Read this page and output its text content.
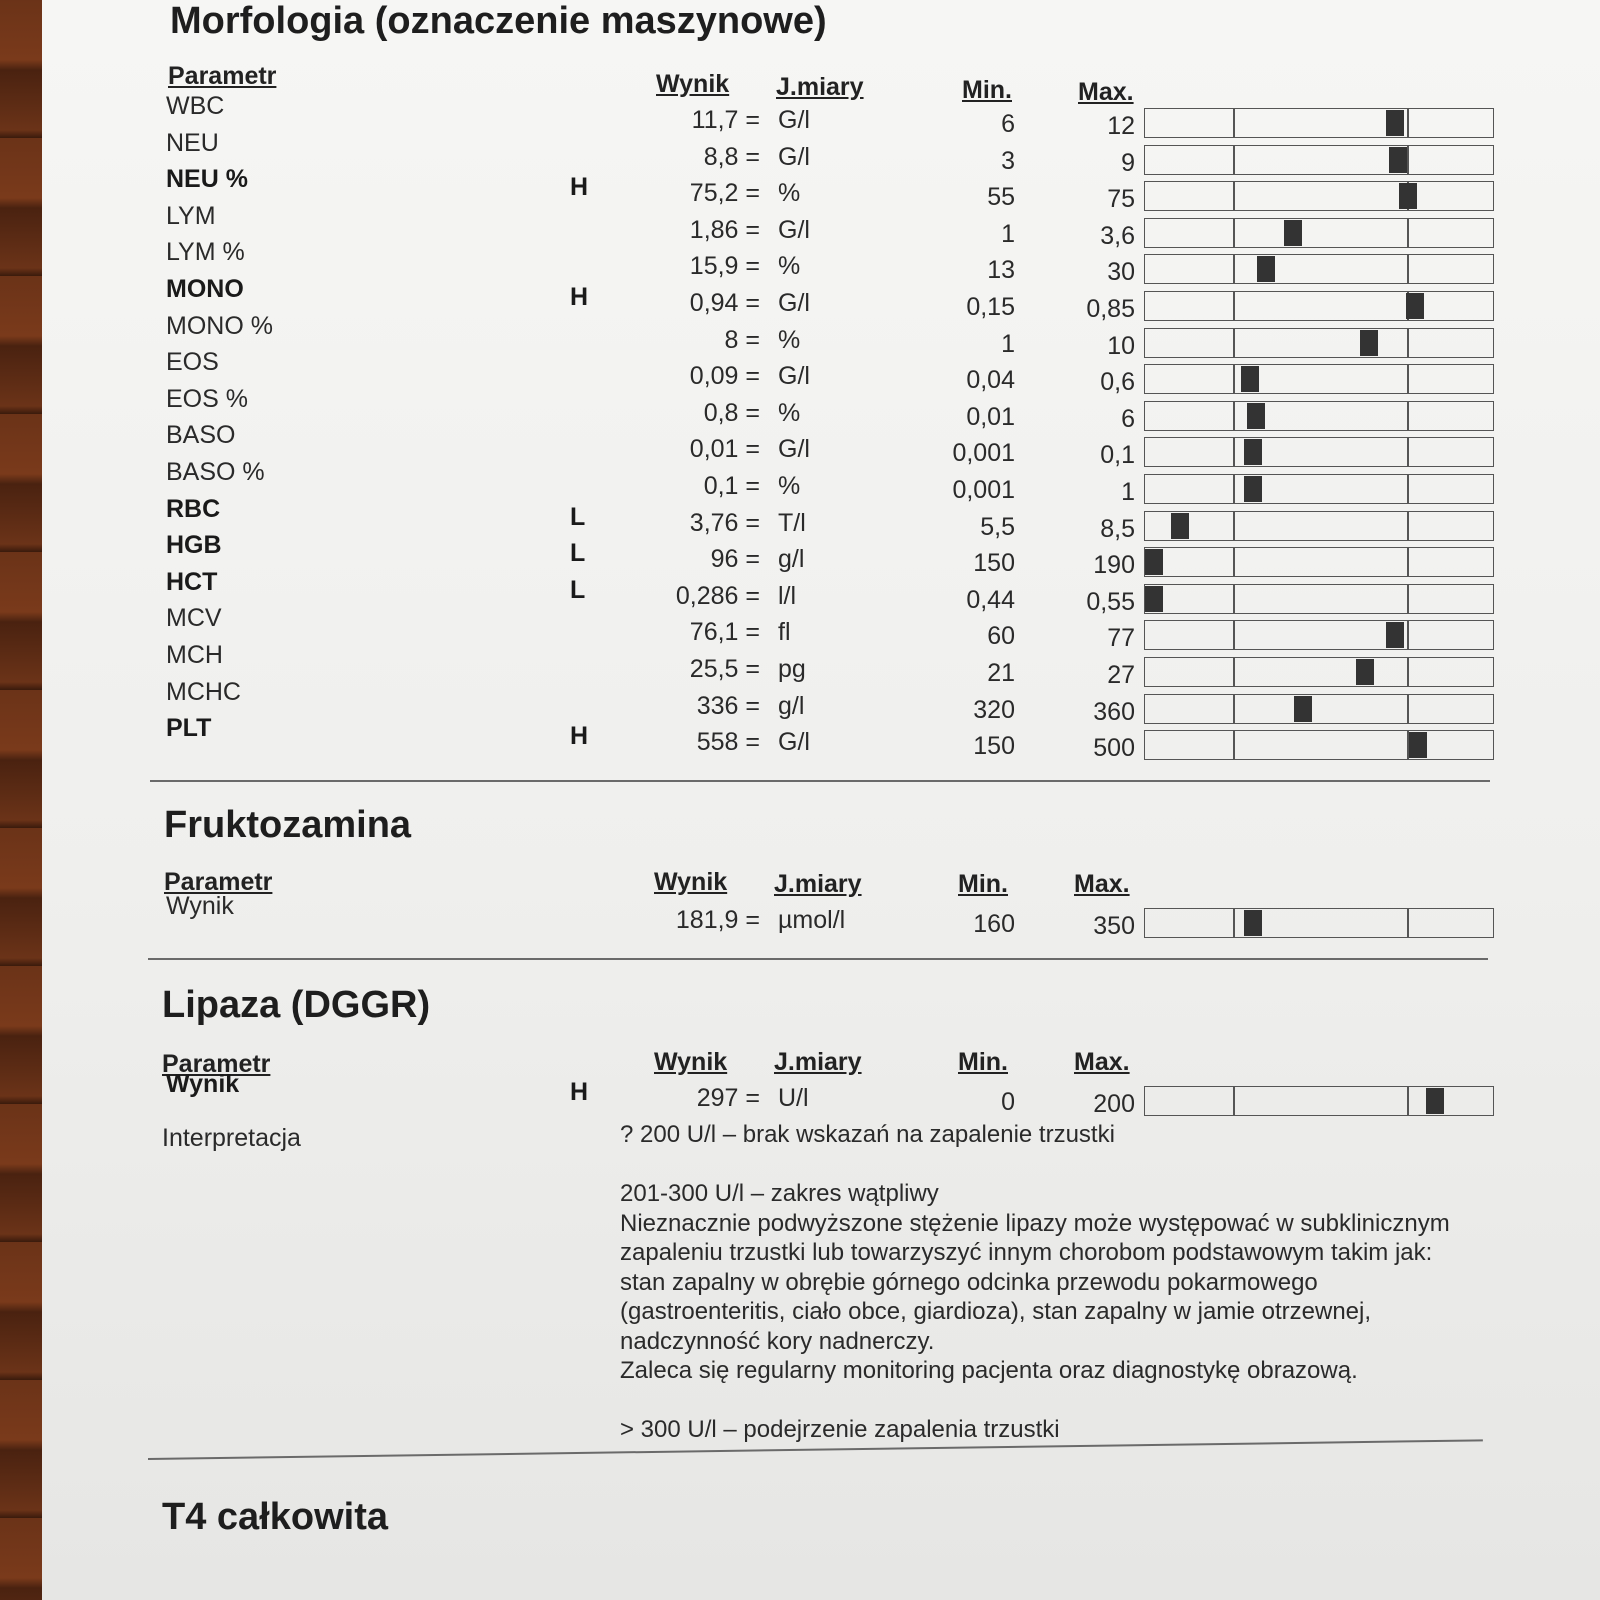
Morfologia (oznaczenie maszynowe)
Parametr	Wynik J.miary	Min.	Max.
WBC	11,7 = G/l	6	12
NEU	8,8 = G/l	3	9
NEU %	H	75,2 = %	55	75
LYM	1,86 = G/l	1	3,6
LYM %	15,9 = %	13	30
MONO	H	0,94 = G/l	0,15	0,85
MONO %	8 = %	1	10
EOS	0,09 = G/l	0,04	0,6
EOS %	0,8 = %	0,01	6
BASO	0,01 = G/l	0,001	0,1
BASO %	0,1 = %	0,001	1
RBC	L	3,76 = T/l	5,5	8,5
HGB	L	96 = g/l	150	190
HCT	L	0,286 = l/l	0,44	0,55
MCV	76,1 = fl	60	77
MCH	25,5 = pg	21	27
MCHC	336 = g/l	320	360
PLT	H	558 = G/l	150	500
Fruktozamina
Parametr	Wynik J.miary	Min.	Max.
Wynik	181,9 = µmol/l	160	350
Lipaza (DGGR)
Parametr	Wynik J.miary	Min.	Max.
Wynik	H	297 = U/l	0	200
Interpretacja	? 200 U/l – brak wskazań na zapalenie trzustki

201-300 U/l – zakres wątpliwy

Nieznacznie podwyższone stężenie lipazy może występować w subklinicznym

zapaleniu trzustki lub towarzyszyć innym chorobom podstawowym takim jak:

stan zapalny w obrębie górnego odcinka przewodu pokarmowego

(gastroenteritis, ciało obce, giardioza), stan zapalny w jamie otrzewnej,

nadczynność kory nadnerczy.

Zaleca się regularny monitoring pacjenta oraz diagnostykę obrazową.

> 300 U/l – podejrzenie zapalenia trzustki

T4 całkowita
